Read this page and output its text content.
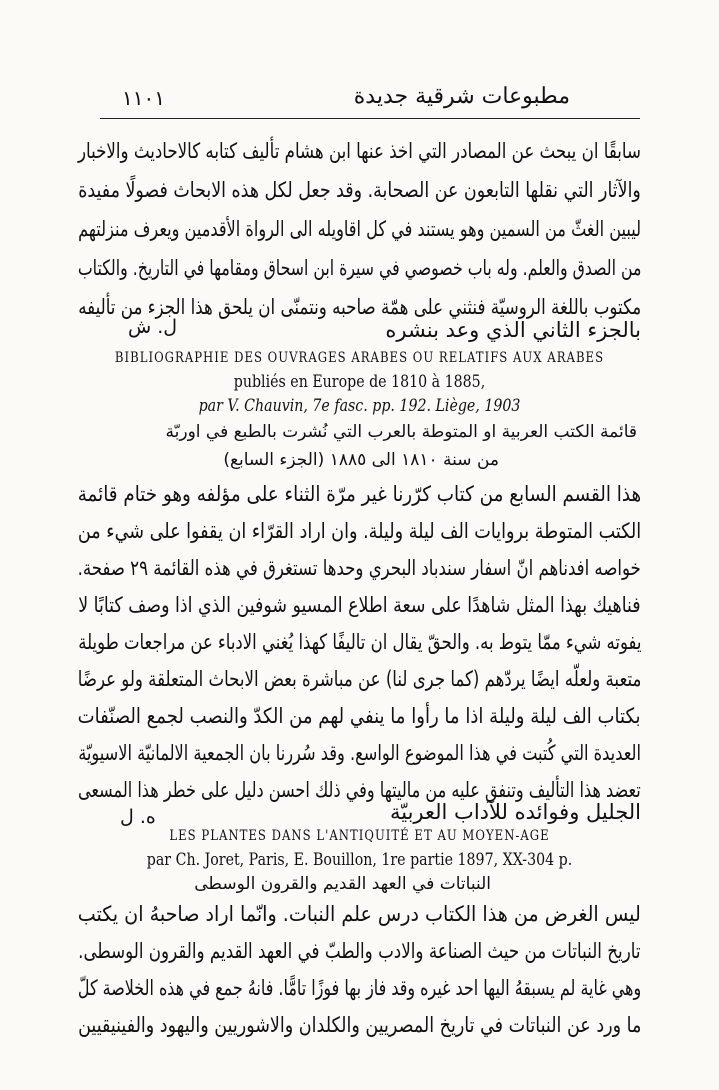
مطبوعات شرقية جديدة
١١٠١
سابقًا ان يبحث عن المصادر التي اخذ عنها ابن هشام تأليف كتابه كالاحاديث والاخبار
والآثار التي نقلها التابعون عن الصحابة. وقد جعل لكل هذه الابحاث فصولًا مفيدة
ليبين الغثّ من السمين وهو يستند في كل اقاويله الى الرواة الأقدمين ويعرف منزلتهم
من الصدق والعلم. وله باب خصوصي في سيرة ابن اسحاق ومقامها في التاريخ. والكتاب
مكتوب باللغة الروسيّة فنثني على همّة صاحبه ونتمنّى ان يلحق هذا الجزء من تأليفه
بالجزء الثاني الذي وعد بنشره
ل. ش
BIBLIOGRAPHIE DES OUVRAGES ARABES OU RELATIFS AUX ARABES
publiés en Europe de 1810 à 1885,
par V. Chauvin, 7e fasc. pp. 192. Liège, 1903
قائمة الكتب العربية او المتوطة بالعرب التي نُشرت بالطبع في اوربّة
من سنة ١٨١٠ الى ١٨٨٥ (الجزء السابع)
هذا القسم السابع من كتاب كرّرنا غير مرّة الثناء على مؤلفه وهو ختام قائمة
الكتب المتوطة بروايات الف ليلة وليلة. وان اراد القرّاء ان يقفوا على شيء من
خواصه افدناهم انّ اسفار سندباد البحري وحدها تستغرق في هذه القائمة ٢٩ صفحة.
فناهيك بهذا المثل شاهدًا على سعة اطلاع المسيو شوفين الذي اذا وصف كتابًا لا
يفوته شيء ممّا يتوط به. والحقّ يقال ان تاليفًا كهذا يُغني الادباء عن مراجعات طويلة
متعبة ولعلّه ايضًا يردّهم (كما جرى لنا) عن مباشرة بعض الابحاث المتعلقة ولو عرضًا
بكتاب الف ليلة وليلة اذا ما رأوا ما ينفي لهم من الكدّ والنصب لجمع الصنّفات
العديدة التي كُتبت في هذا الموضوع الواسع. وقد سُررنا بان الجمعية الالمانيّة الاسيويّة
تعضد هذا التأليف وتنفق عليه من ماليتها وفي ذلك احسن دليل على خطر هذا المسعى
الجليل وفوائده للآداب العربيّة
ه. ل
LES PLANTES DANS L'ANTIQUITÉ ET AU MOYEN-AGE
par Ch. Joret, Paris, E. Bouillon, 1re partie 1897, XX-304 p.
النباتات في العهد القديم والقرون الوسطى
ليس الغرض من هذا الكتاب درس علم النبات. وانّما اراد صاحبهُ ان يكتب
تاريخ النباتات من حيث الصناعة والادب والطبّ في العهد القديم والقرون الوسطى.
وهي غاية لم يسبقهُ اليها احد غيره وقد فاز بها فوزًا تامًّا. فانهُ جمع في هذه الخلاصة كلّ
ما ورد عن النباتات في تاريخ المصريين والكلدان والاشوريين واليهود والفينيقيين
